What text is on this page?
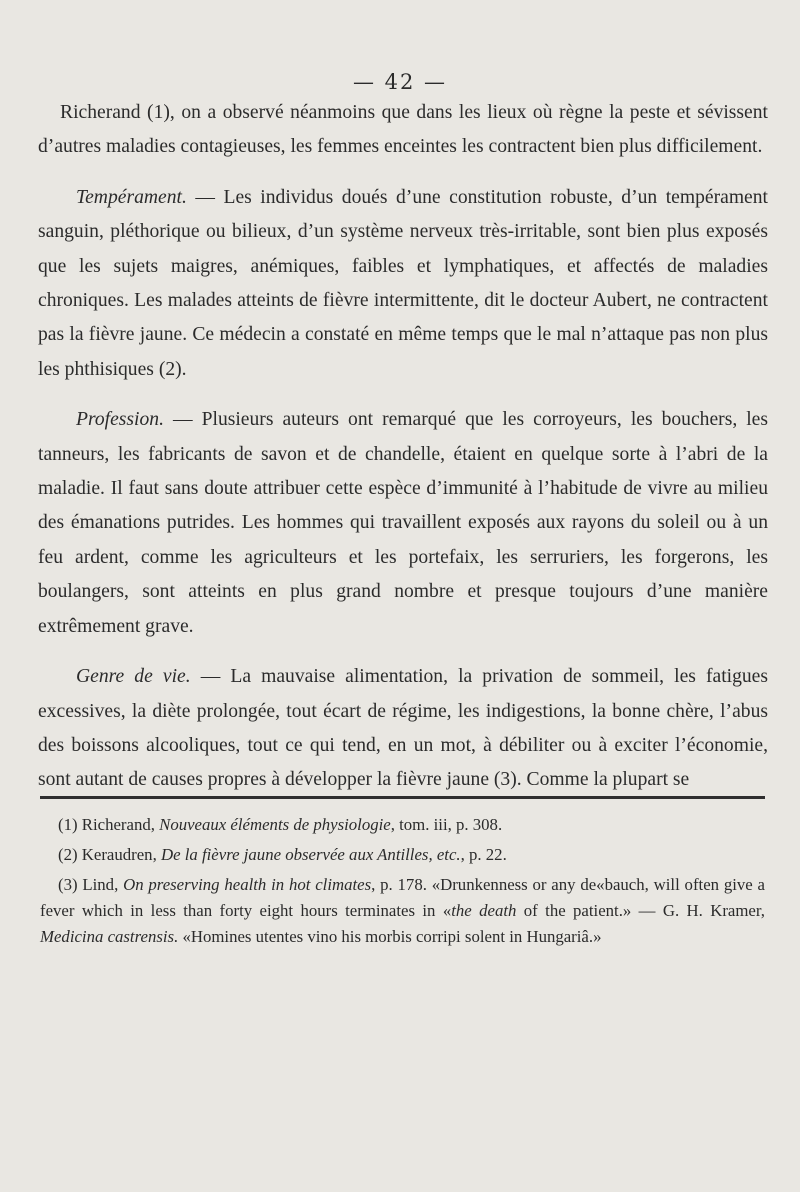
— 42 —

Richerand (1), on a observé néanmoins que dans les lieux où règne la peste et sévissent d’autres maladies contagieuses, les femmes enceintes les contractent bien plus difficilement.

Tempérament. — Les individus doués d’une constitution robuste, d’un tempérament sanguin, pléthorique ou bilieux, d’un système nerveux très-irritable, sont bien plus exposés que les sujets maigres, anémiques, faibles et lymphatiques, et affectés de maladies chroniques. Les malades atteints de fièvre intermittente, dit le docteur Aubert, ne contractent pas la fièvre jaune. Ce médecin a constaté en même temps que le mal n’attaque pas non plus les phthisiques (2).

Profession. — Plusieurs auteurs ont remarqué que les corroyeurs, les bouchers, les tanneurs, les fabricants de savon et de chandelle, étaient en quelque sorte à l’abri de la maladie. Il faut sans doute attribuer cette espèce d’immunité à l’habitude de vivre au milieu des émanations putrides. Les hommes qui travaillent exposés aux rayons du soleil ou à un feu ardent, comme les agriculteurs et les portefaix, les serruriers, les forgerons, les boulangers, sont atteints en plus grand nombre et presque toujours d’une manière extrêmement grave.

Genre de vie. — La mauvaise alimentation, la privation de sommeil, les fatigues excessives, la diète prolongée, tout écart de régime, les indigestions, la bonne chère, l’abus des boissons alcooliques, tout ce qui tend, en un mot, à débiliter ou à exciter l’économie, sont autant de causes propres à développer la fièvre jaune (3). Comme la plupart se

(1) Richerand, Nouveaux éléments de physiologie, tom. iii, p. 308.

(2) Keraudren, De la fièvre jaune observée aux Antilles, etc., p. 22.

(3) Lind, On preserving health in hot climates, p. 178. «Drunkenness or any de«bauch, will often give a fever which in less than forty eight hours terminates in «the death of the patient.» — G. H. Kramer, Medicina castrensis. «Homines utentes vino his morbis corripi solent in Hungariâ.»
